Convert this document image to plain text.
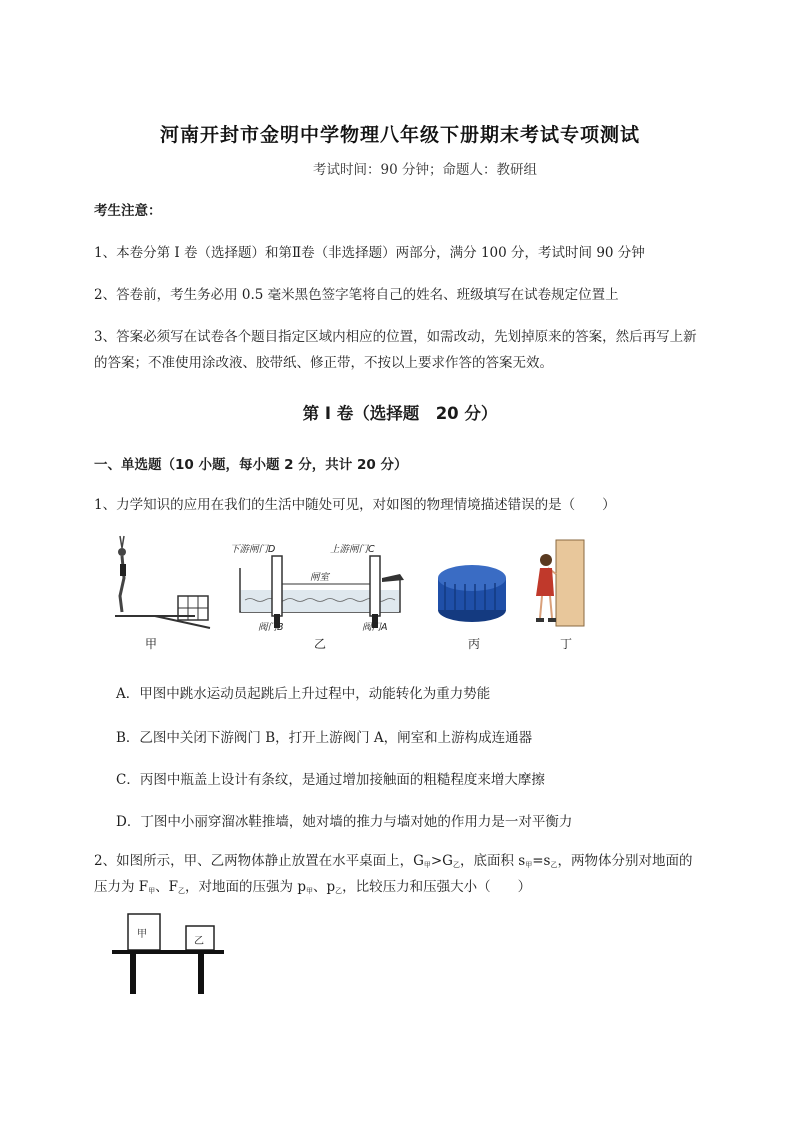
河南开封市金明中学物理八年级下册期末考试专项测试
考试时间：90 分钟；命题人：教研组
考生注意：
1、本卷分第 I 卷（选择题）和第Ⅱ卷（非选择题）两部分，满分 100 分，考试时间 90 分钟
2、答卷前，考生务必用 0.5 毫米黑色签字笔将自己的姓名、班级填写在试卷规定位置上
3、答案必须写在试卷各个题目指定区域内相应的位置，如需改动，先划掉原来的答案，然后再写上新
的答案；不准使用涂改液、胶带纸、修正带，不按以上要求作答的答案无效。
第 I 卷（选择题　20 分）
一、单选题（10 小题，每小题 2 分，共计 20 分）
1、力学知识的应用在我们的生活中随处可见，对如图的物理情境描述错误的是（　　）
甲
闸室
下游闸门D	上游闸门C
阀门B	阀门A
乙	丙	丁
A．甲图中跳水运动员起跳后上升过程中，动能转化为重力势能
B．乙图中关闭下游阀门 B，打开上游阀门 A，闸室和上游构成连通器
C．丙图中瓶盖上设计有条纹，是通过增加接触面的粗糙程度来增大摩擦
D．丁图中小丽穿溜冰鞋推墙，她对墙的推力与墙对她的作用力是一对平衡力
2、如图所示，甲、乙两物体静止放置在水平桌面上，$G_甲>G_乙$，底面积 $s_甲=s_乙$，两物体分别对地面的
压力为 $F_甲$、$F_乙$，对地面的压强为 $p_甲$、$p_乙$，比较压力和压强大小（　　）
甲
乙
